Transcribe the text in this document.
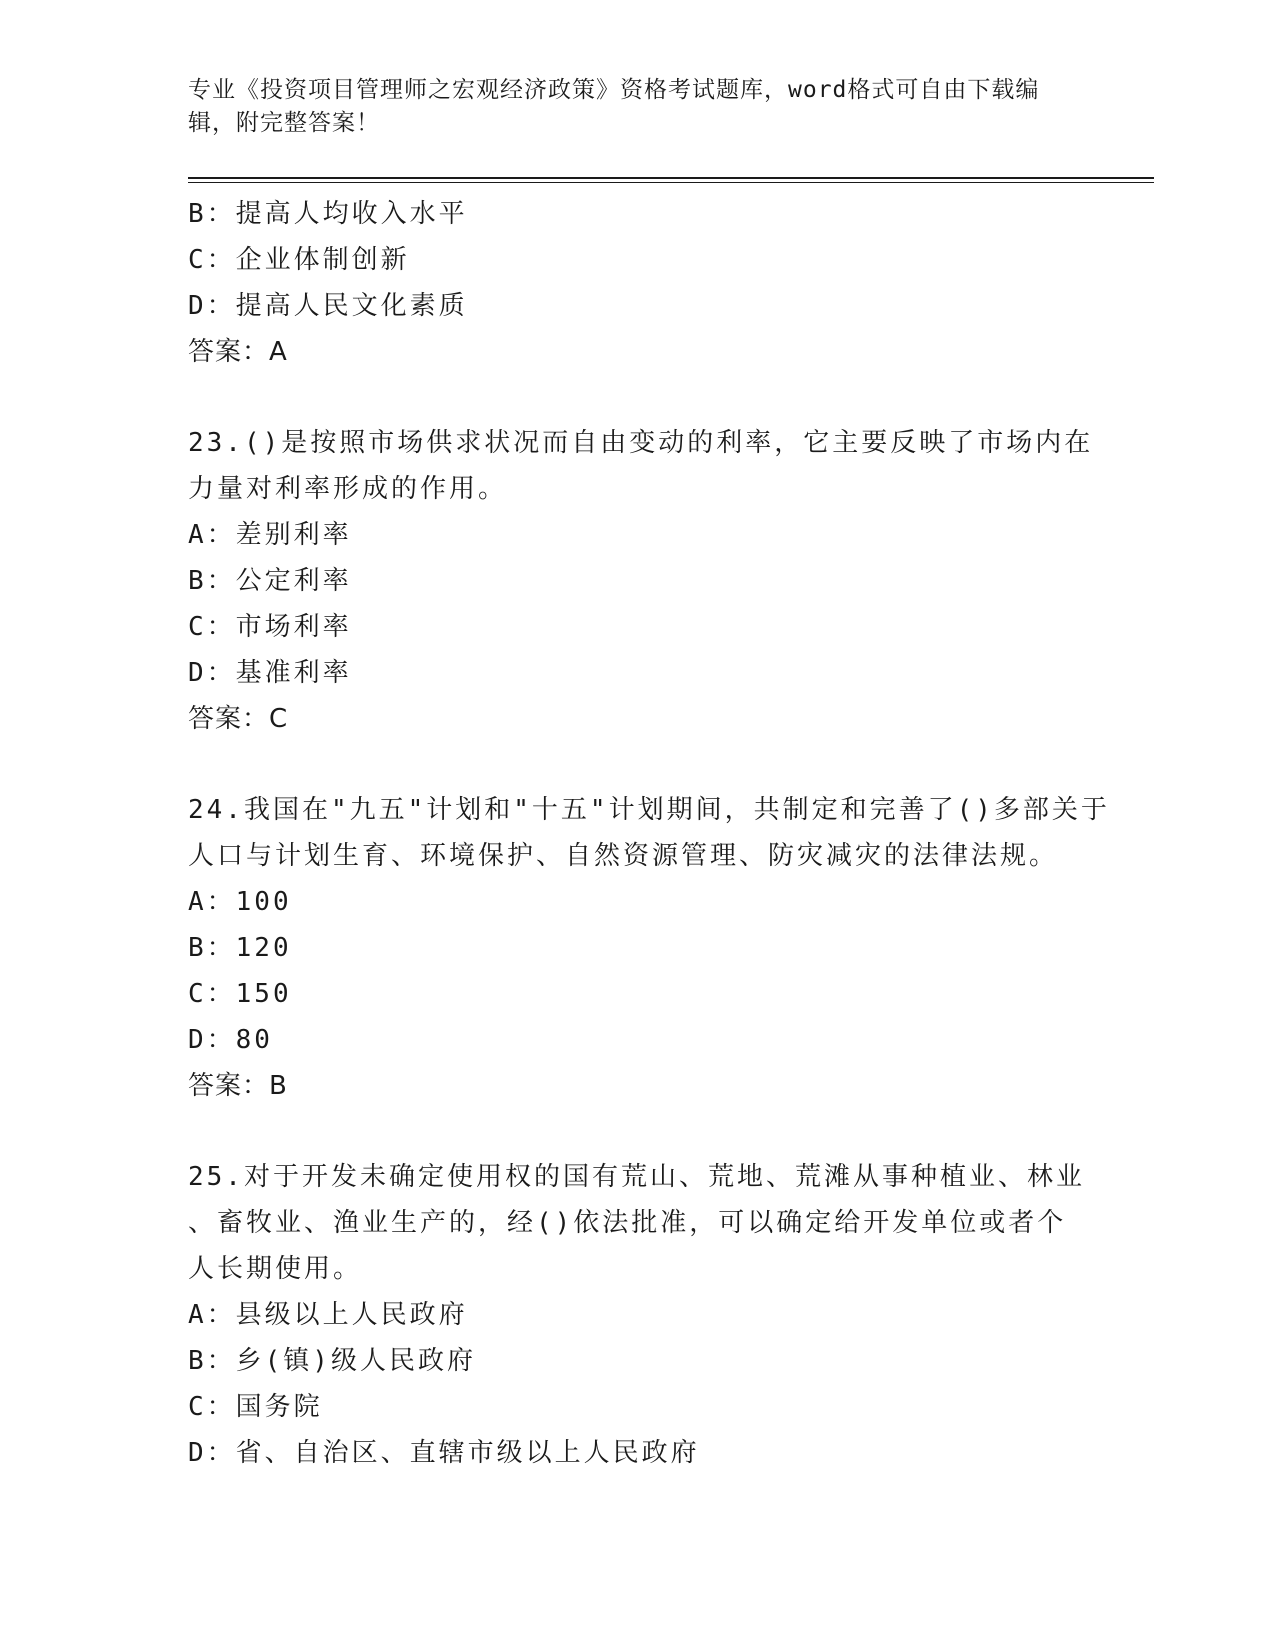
专业《投资项目管理师之宏观经济政策》资格考试题库，word格式可自由下载编
辑，附完整答案！
B：提高人均收入水平
C：企业体制创新
D：提高人民文化素质
答案：A
23.()是按照市场供求状况而自由变动的利率，它主要反映了市场内在
力量对利率形成的作用。
A：差别利率
B：公定利率
C：市场利率
D：基准利率
答案：C
24.我国在"九五"计划和"十五"计划期间，共制定和完善了()多部关于
人口与计划生育、环境保护、自然资源管理、防灾减灾的法律法规。
A：100
B：120
C：150
D：80
答案：B
25.对于开发未确定使用权的国有荒山、荒地、荒滩从事种植业、林业
、畜牧业、渔业生产的，经()依法批准，可以确定给开发单位或者个
人长期使用。
A：县级以上人民政府
B：乡(镇)级人民政府
C：国务院
D：省、自治区、直辖市级以上人民政府
